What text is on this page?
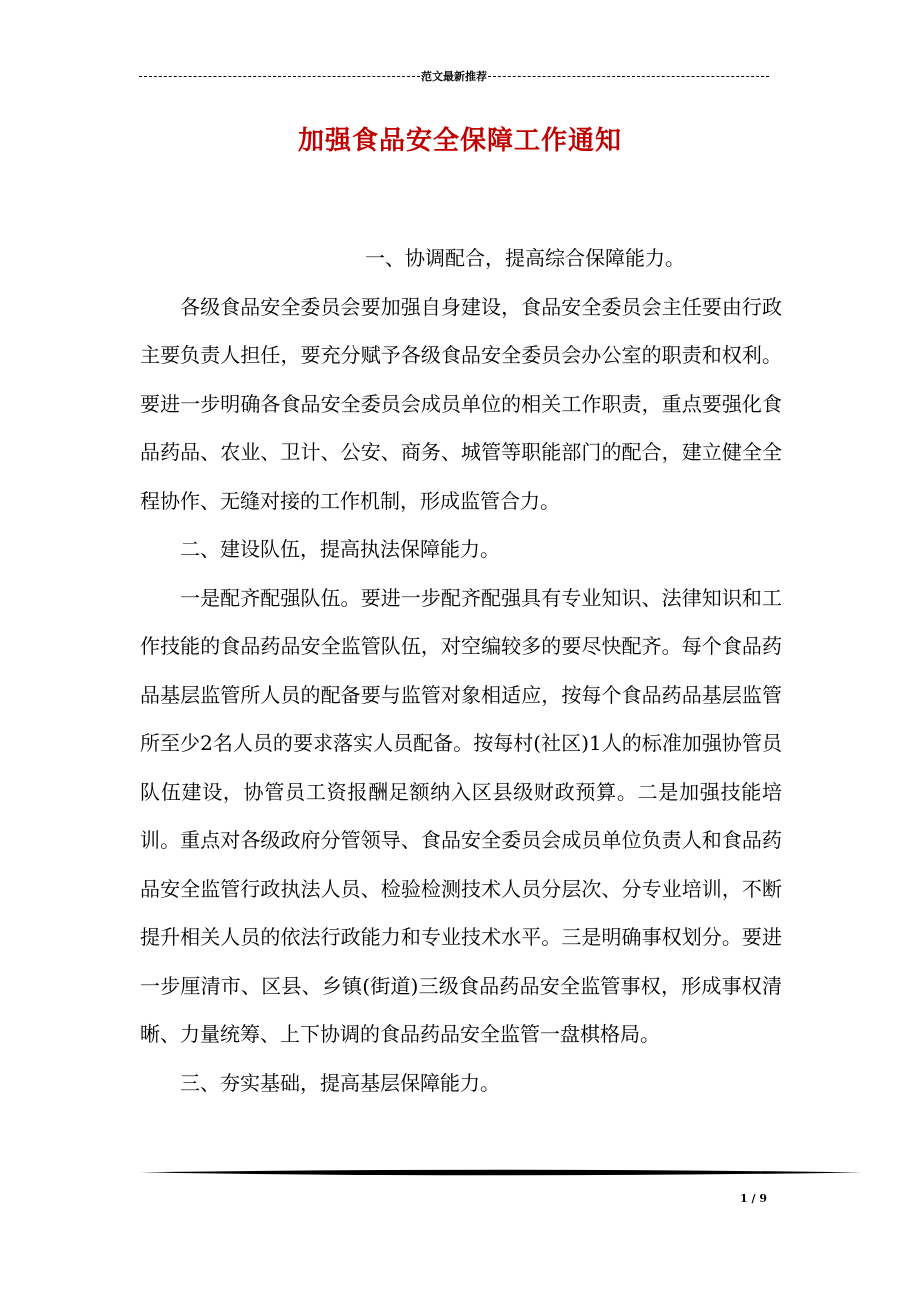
范文最新推荐
加强食品安全保障工作通知

一、协调配合，提高综合保障能力。

各级食品安全委员会要加强自身建设，食品安全委员会主任要由行政主要负责人担任，要充分赋予各级食品安全委员会办公室的职责和权利。要进一步明确各食品安全委员会成员单位的相关工作职责，重点要强化食品药品、农业、卫计、公安、商务、城管等职能部门的配合，建立健全全程协作、无缝对接的工作机制，形成监管合力。

二、建设队伍，提高执法保障能力。

一是配齐配强队伍。要进一步配齐配强具有专业知识、法律知识和工作技能的食品药品安全监管队伍，对空编较多的要尽快配齐。每个食品药品基层监管所人员的配备要与监管对象相适应，按每个食品药品基层监管所至少2名人员的要求落实人员配备。按每村(社区)1人的标准加强协管员队伍建设，协管员工资报酬足额纳入区县级财政预算。二是加强技能培训。重点对各级政府分管领导、食品安全委员会成员单位负责人和食品药品安全监管行政执法人员、检验检测技术人员分层次、分专业培训，不断提升相关人员的依法行政能力和专业技术水平。三是明确事权划分。要进一步厘清市、区县、乡镇(街道)三级食品药品安全监管事权，形成事权清晰、力量统筹、上下协调的食品药品安全监管一盘棋格局。

三、夯实基础，提高基层保障能力。

1 / 9
